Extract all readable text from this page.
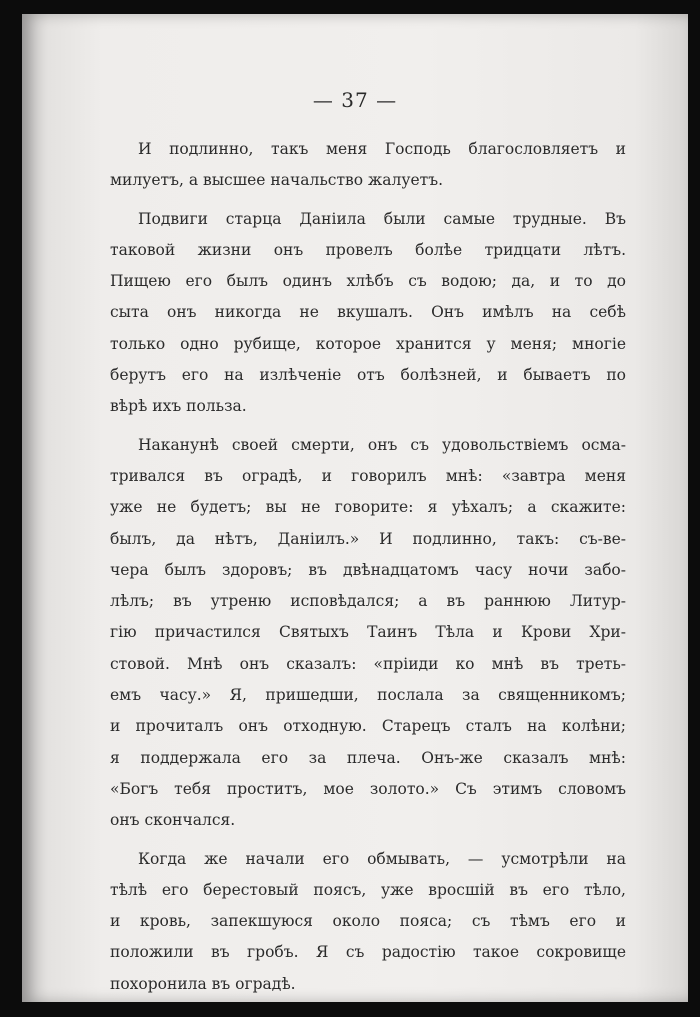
— 37 —
И подлинно, такъ меня Господь благословляетъ и
милуетъ, а высшее начальство жалуетъ.
Подвиги старца Даніила были самые трудные. Въ
таковой жизни онъ провелъ болѣе тридцати лѣтъ.
Пищею его былъ одинъ хлѣбъ съ водою; да, и то до
сыта онъ никогда не вкушалъ. Онъ имѣлъ на себѣ
только одно рубище, которое хранится у меня; многіе
берутъ его на излѣченіе отъ болѣзней, и бываетъ по
вѣрѣ ихъ польза.
Наканунѣ своей смерти, онъ съ удовольствіемъ осма-
тривался въ оградѣ, и говорилъ мнѣ: «завтра меня
уже не будетъ; вы не говорите: я уѣхалъ; а скажите:
былъ, да нѣтъ, Даніилъ.» И подлинно, такъ: съ-ве-
чера былъ здоровъ; въ двѣнадцатомъ часу ночи забо-
лѣлъ; въ утреню исповѣдался; а въ раннюю Литур-
гію причастился Святыхъ Таинъ Тѣла и Крови Хри-
стовой. Мнѣ онъ сказалъ: «пріиди ко мнѣ въ треть-
емъ часу.» Я, пришедши, послала за священникомъ;
и прочиталъ онъ отходную. Старецъ сталъ на колѣни;
я поддержала его за плеча. Онъ-же сказалъ мнѣ:
«Богъ тебя проститъ, мое золото.» Съ этимъ словомъ
онъ скончался.
Когда же начали его обмывать, — усмотрѣли на
тѣлѣ его берестовый поясъ, уже вросшій въ его тѣло,
и кровь, запекшуюся около пояса; съ тѣмъ его и
положили въ гробъ. Я съ радостію такое сокровище
похоронила въ оградѣ.
